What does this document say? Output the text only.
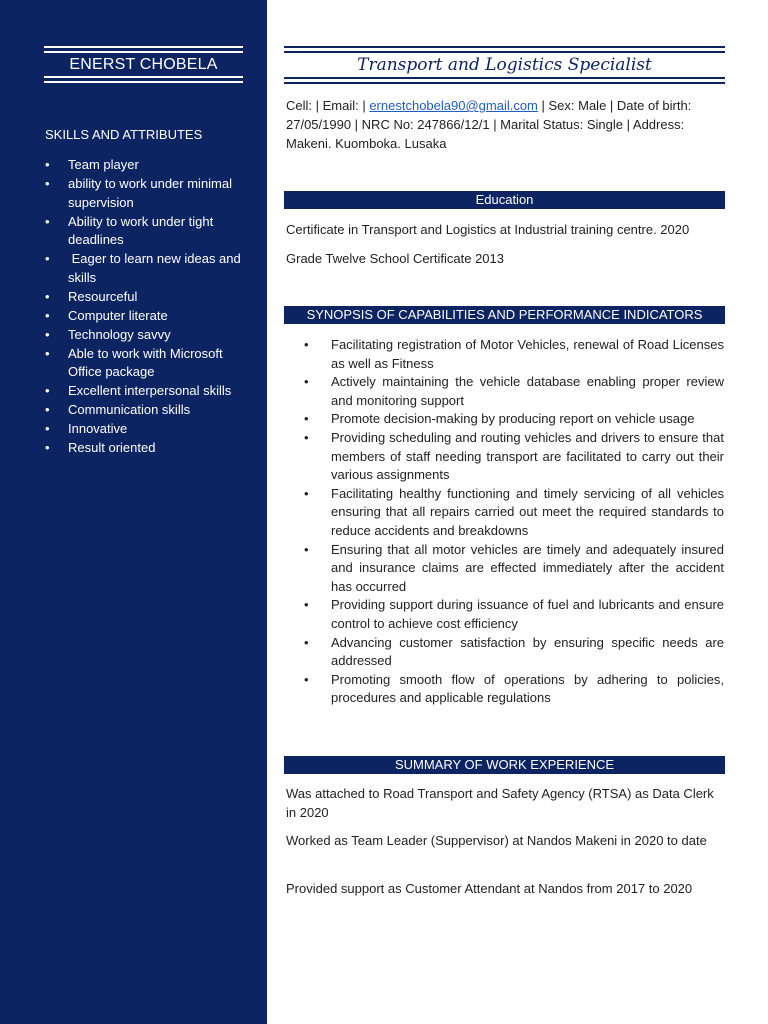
ENERST CHOBELA
SKILLS AND ATTRIBUTES
• Team player
• ability to work under minimal supervision
• Ability to work under tight deadlines
• Eager to learn new ideas and skills
• Resourceful
• Computer literate
• Technology savvy
• Able to work with Microsoft Office package
• Excellent interpersonal skills
• Communication skills
• Innovative
• Result oriented
Transport and Logistics Specialist
Cell: | Email: | ernestchobela90@gmail.com | Sex: Male | Date of birth: 27/05/1990 | NRC No: 247866/12/1 | Marital Status: Single | Address: Makeni. Kuomboka. Lusaka
Education
Certificate in Transport and Logistics at Industrial training centre. 2020
Grade Twelve School Certificate 2013
SYNOPSIS OF CAPABILITIES AND PERFORMANCE INDICATORS
• Facilitating registration of Motor Vehicles, renewal of Road Licenses as well as Fitness
• Actively maintaining the vehicle database enabling proper review and monitoring support
• Promote decision-making by producing report on vehicle usage
• Providing scheduling and routing vehicles and drivers to ensure that members of staff needing transport are facilitated to carry out their various assignments
• Facilitating healthy functioning and timely servicing of all vehicles ensuring that all repairs carried out meet the required standards to reduce accidents and breakdowns
• Ensuring that all motor vehicles are timely and adequately insured and insurance claims are effected immediately after the accident has occurred
• Providing support during issuance of fuel and lubricants and ensure control to achieve cost efficiency
• Advancing customer satisfaction by ensuring specific needs are addressed
• Promoting smooth flow of operations by adhering to policies, procedures and applicable regulations
SUMMARY OF WORK EXPERIENCE
Was attached to Road Transport and Safety Agency (RTSA) as Data Clerk in 2020
Worked as Team Leader (Suppervisor) at Nandos Makeni in 2020 to date
Provided support as Customer Attendant at Nandos from 2017 to 2020
